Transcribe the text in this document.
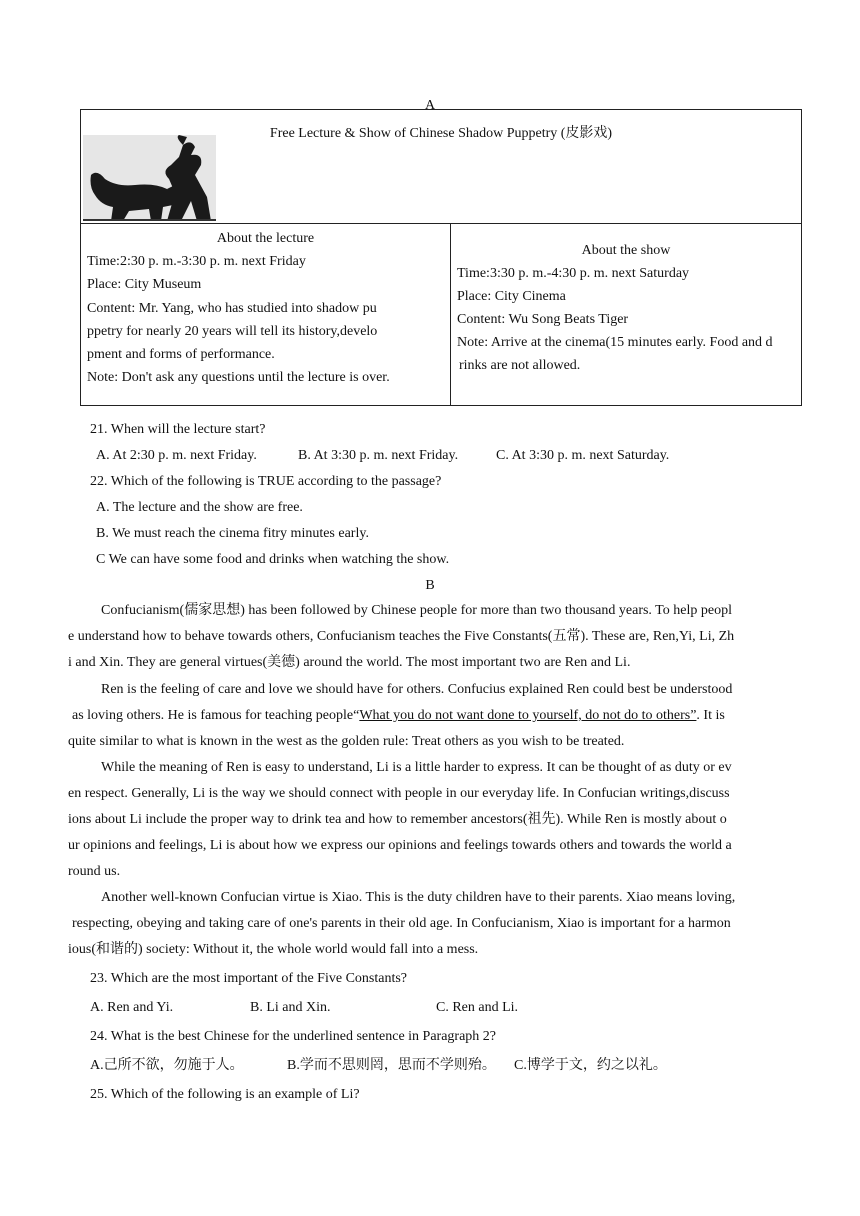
A
Free Lecture & Show of Chinese Shadow Puppetry (皮影戏)
About the lecture
Time:2:30 p. m.-3:30 p. m. next Friday
Place: City Museum
Content: Mr. Yang, who has studied into shadow pu
ppetry for nearly 20 years will tell its history,develo
pment and forms of performance.
Note: Don't ask any questions until the lecture is over.
About the show
Time:3:30 p. m.-4:30 p. m. next Saturday
Place: City Cinema
Content: Wu Song Beats Tiger
Note: Arrive at the cinema(15 minutes early. Food and d
rinks are not allowed.
21. When will the lecture start?
A. At 2:30 p. m. next Friday.	B. At 3:30 p. m. next Friday.	C. At 3:30 p. m. next Saturday.
22. Which of the following is TRUE according to the passage?
A. The lecture and the show are free.
B. We must reach the cinema fitry minutes early.
C We can have some food and drinks when watching the show.
B
Confucianism(儒家思想) has been followed by Chinese people for more than two thousand years. To help peopl
e understand how to behave towards others, Confucianism teaches the Five Constants(五常). These are, Ren,Yi, Li, Zh
i and Xin. They are general virtues(美德) around the world. The most important two are Ren and Li.
Ren is the feeling of care and love we should have for others. Confucius explained Ren could best be understood
as loving others. He is famous for teaching people“What you do not want done to yourself, do not do to others”. It is
quite similar to what is known in the west as the golden rule: Treat others as you wish to be treated.
While the meaning of Ren is easy to understand, Li is a little harder to express. It can be thought of as duty or ev
en respect. Generally, Li is the way we should connect with people in our everyday life. In Confucian writings,discuss
ions about Li include the proper way to drink tea and how to remember ancestors(祖先). While Ren is mostly about o
ur opinions and feelings, Li is about how we express our opinions and feelings towards others and towards the world a
round us.
Another well-known Confucian virtue is Xiao. This is the duty children have to their parents. Xiao means loving,
respecting, obeying and taking care of one's parents in their old age. In Confucianism, Xiao is important for a harmon
ious(和谐的) society: Without it, the whole world would fall into a mess.
23. Which are the most important of the Five Constants?
A. Ren and Yi.	B. Li and Xin.	C. Ren and Li.
24. What is the best Chinese for the underlined sentence in Paragraph 2?
A.己所不欲，勿施于人。	B.学而不思则罔，思而不学则殆。 C.博学于文，约之以礼。
25. Which of the following is an example of Li?
